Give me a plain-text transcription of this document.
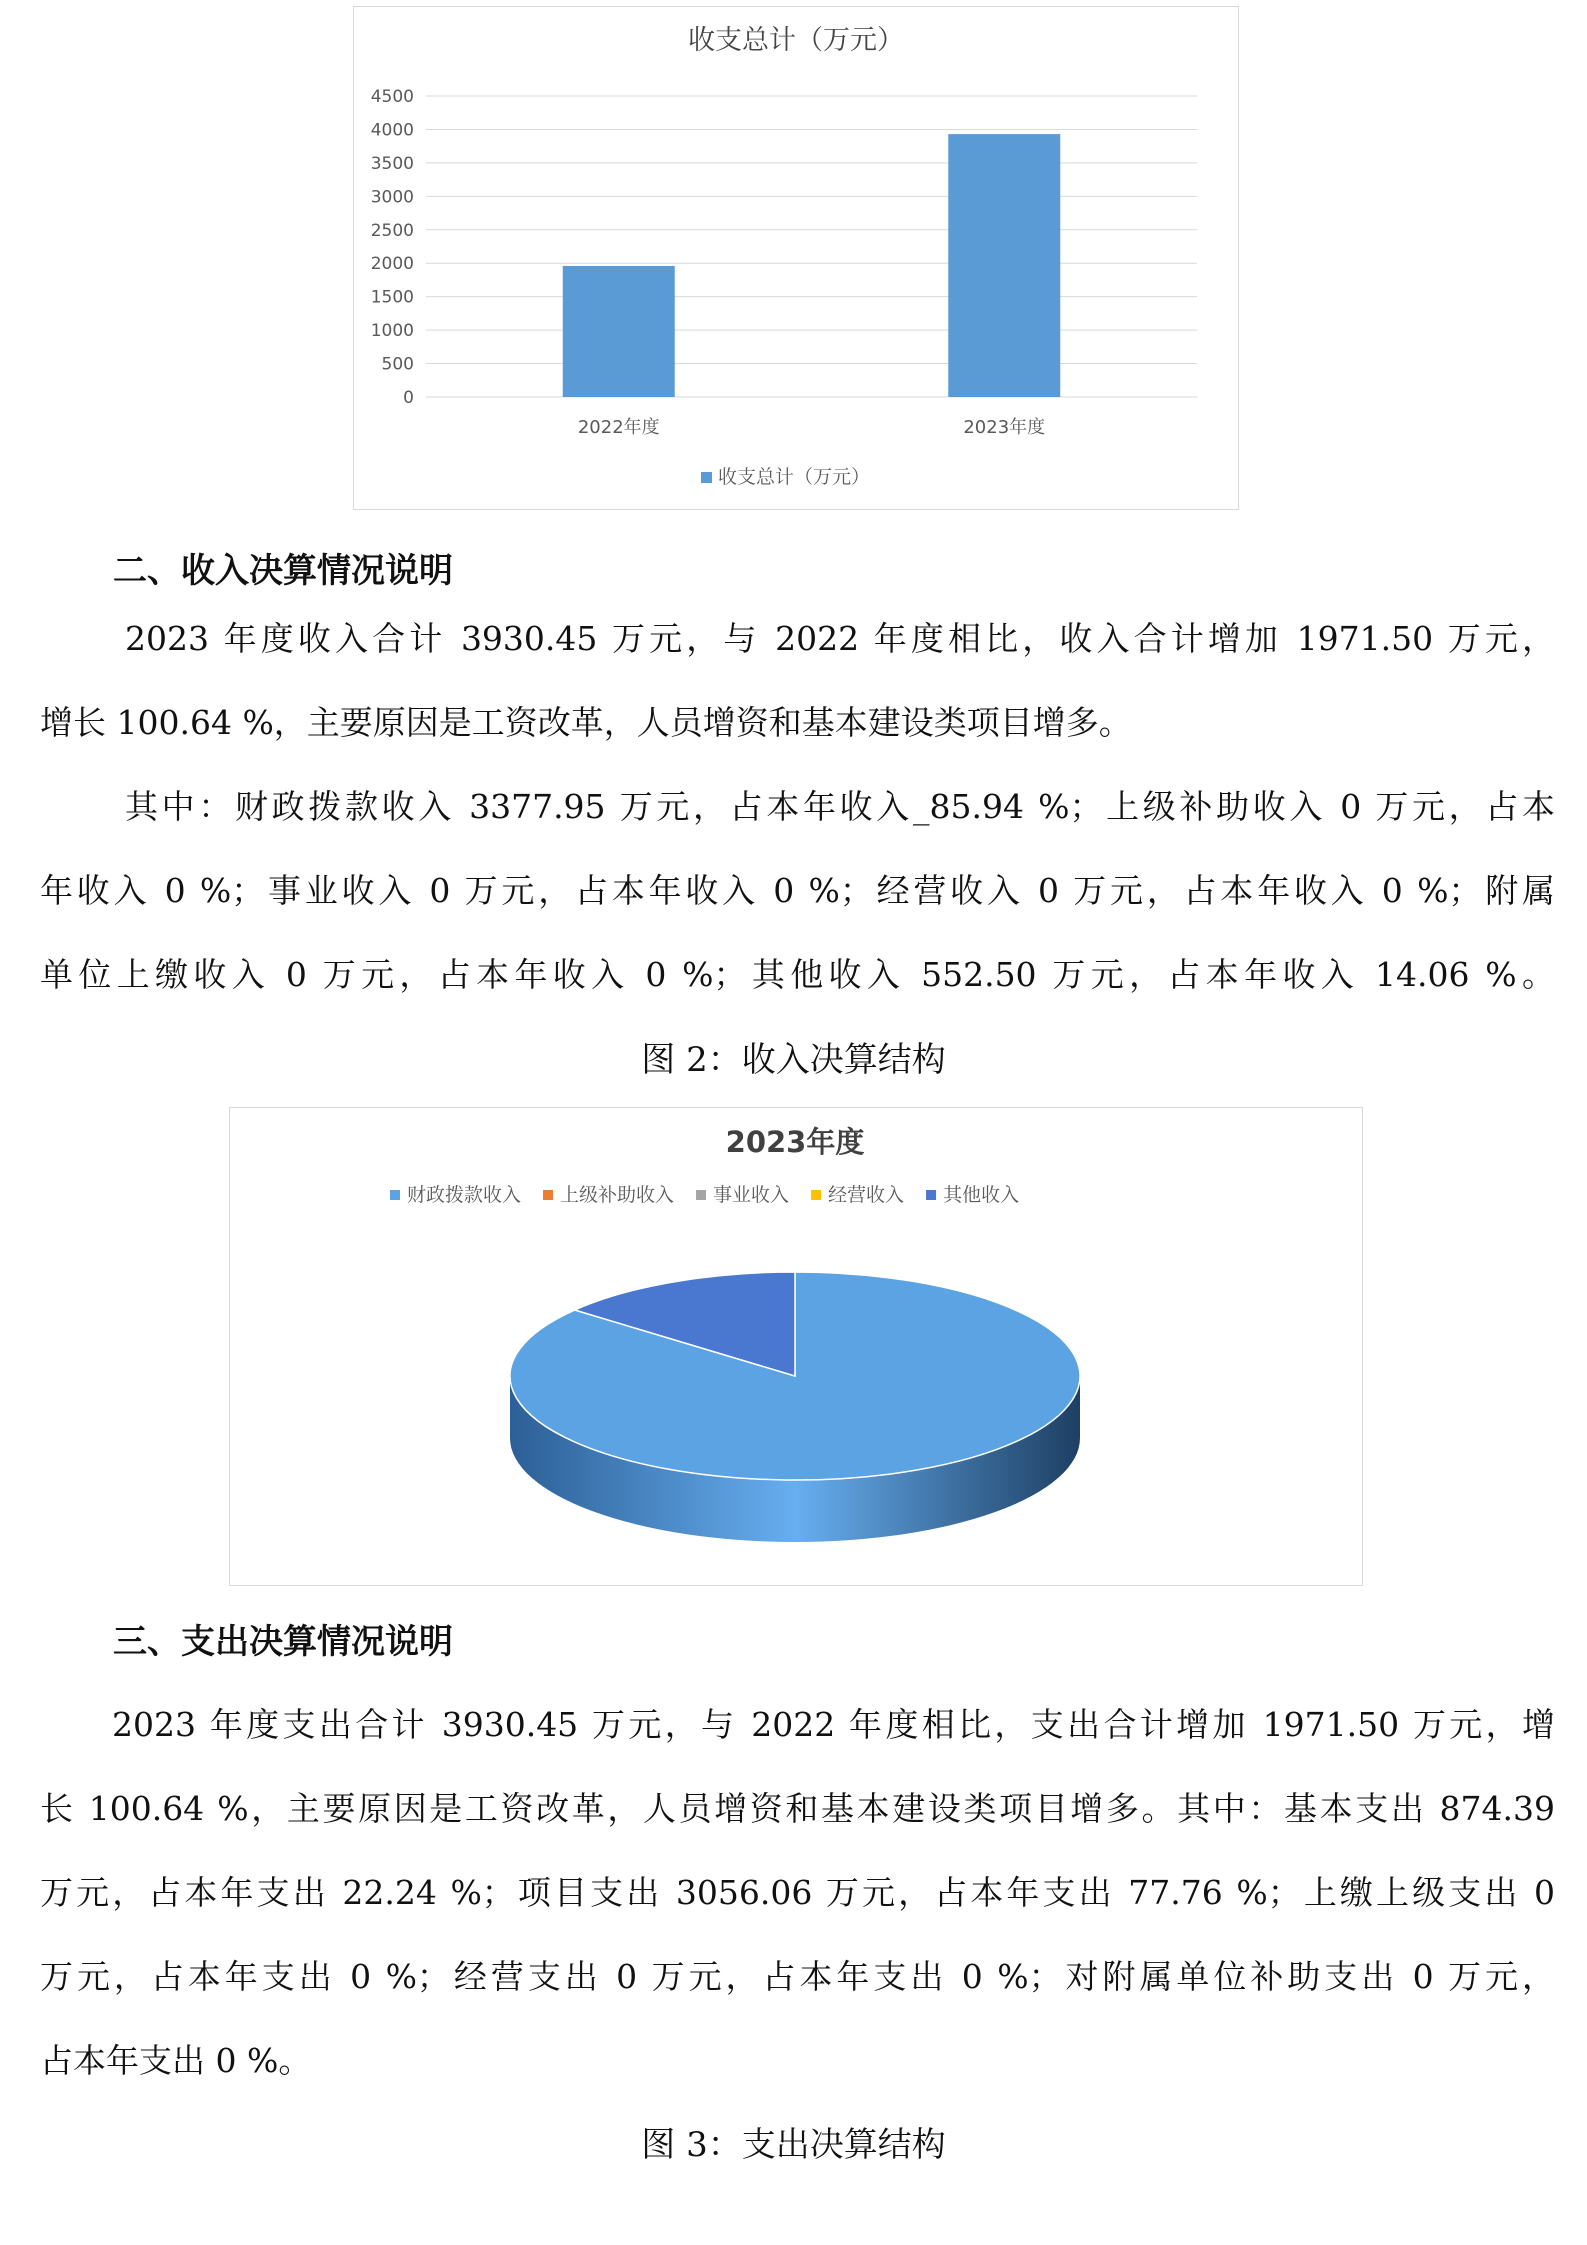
收支总计（万元）
0
500
1000
1500
2000
2500
3000
3500
4000
4500
2022年度	2023年度
收支总计（万元）
二、收入决算情况说明
2023 年度收入合计 3930.45 万元，与 2022 年度相比，收入合计增加 1971.50 万元，
增长 100.64 %，主要原因是工资改革，人员增资和基本建设类项目增多。
其中：财政拨款收入 3377.95 万元，占本年收入_85.94 %；上级补助收入 0 万元，占本
年收入 0 %；事业收入 0 万元，占本年收入 0 %；经营收入 0 万元，占本年收入 0 %；附属
单位上缴收入 0 万元，占本年收入 0 %；其他收入 552.50 万元，占本年收入 14.06 %。
图 2：收入决算结构
2023年度
财政拨款收入 上级补助收入 事业收入 经营收入 其他收入
三、支出决算情况说明
2023 年度支出合计 3930.45 万元，与 2022 年度相比，支出合计增加 1971.50 万元，增
长 100.64 %，主要原因是工资改革，人员增资和基本建设类项目增多。其中：基本支出 874.39
万元，占本年支出 22.24 %；项目支出 3056.06 万元，占本年支出 77.76 %；上缴上级支出 0
万元，占本年支出 0 %；经营支出 0 万元，占本年支出 0 %；对附属单位补助支出 0 万元，
占本年支出 0 %。
图 3：支出决算结构
